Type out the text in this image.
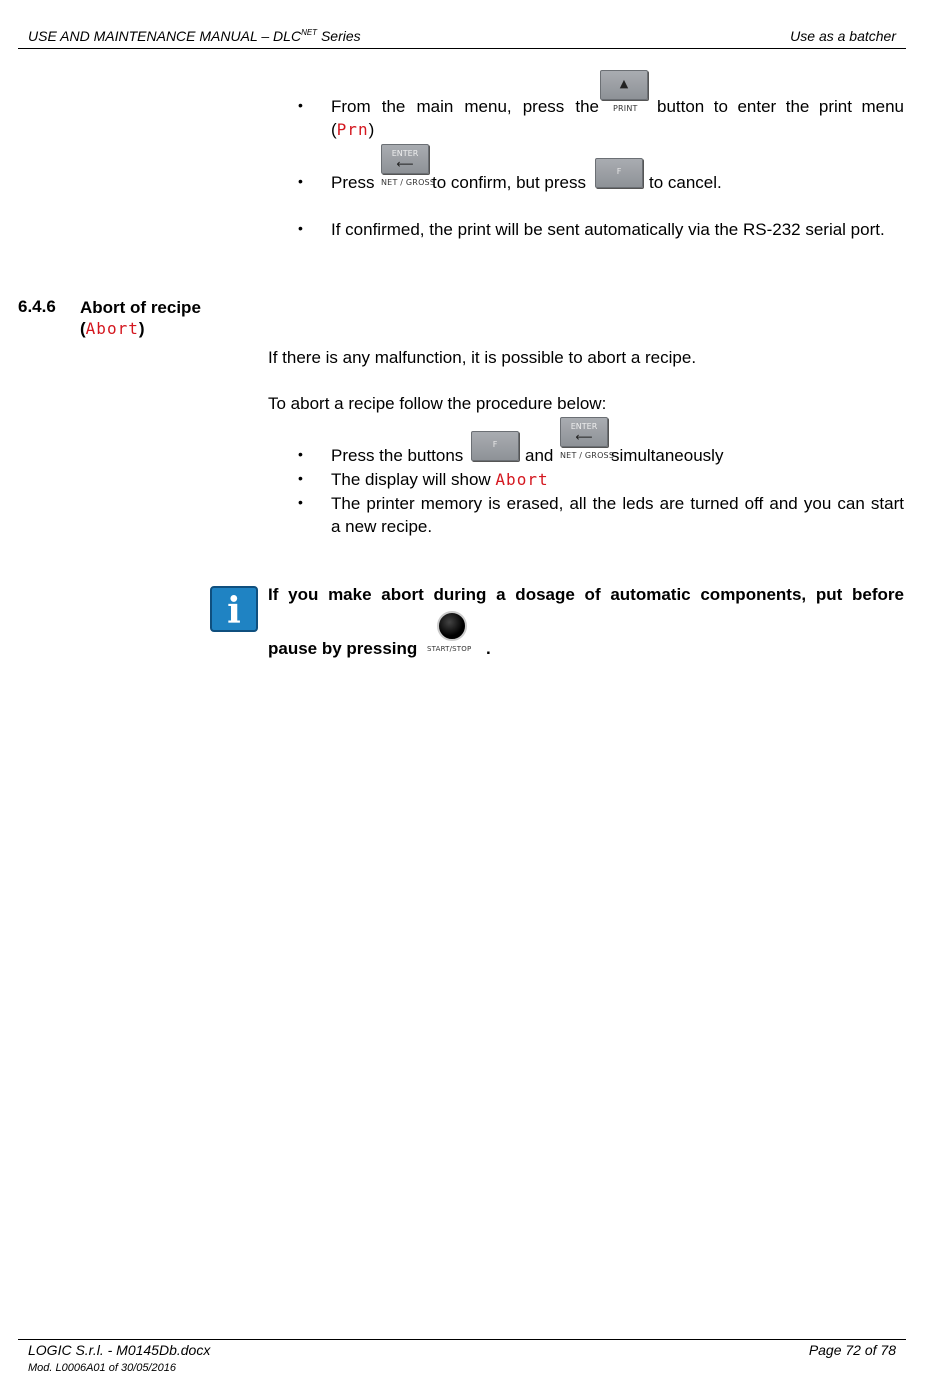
USE AND MAINTENANCE MANUAL – $DLC^{NET}$ Series	Use as a batcher
• From the main menu, press the
▲
PRINT button to enter the print menu
(Prn)
• Press
ENTER
⟵
NET / GROSS
to confirm, but press
F
to cancel.
• If confirmed, the print will be sent automatically via the RS-232 serial port.
6.4.6 Abort of recipe
(Abort)
If there is any malfunction, it is possible to abort a recipe.
To abort a recipe follow the procedure below:
• Press the buttons
F
and
ENTER
⟵
NET / GROSS
simultaneously
• The display will show Abort
• The printer memory is erased, all the leds are turned off and you can start
a new recipe.
i	If you make abort during a dosage of automatic components, put before
pause by pressing START/STOP .
LOGIC S.r.l. - M0145Db.docx	Page 72 of 78
Mod. L0006A01 of 30/05/2016
